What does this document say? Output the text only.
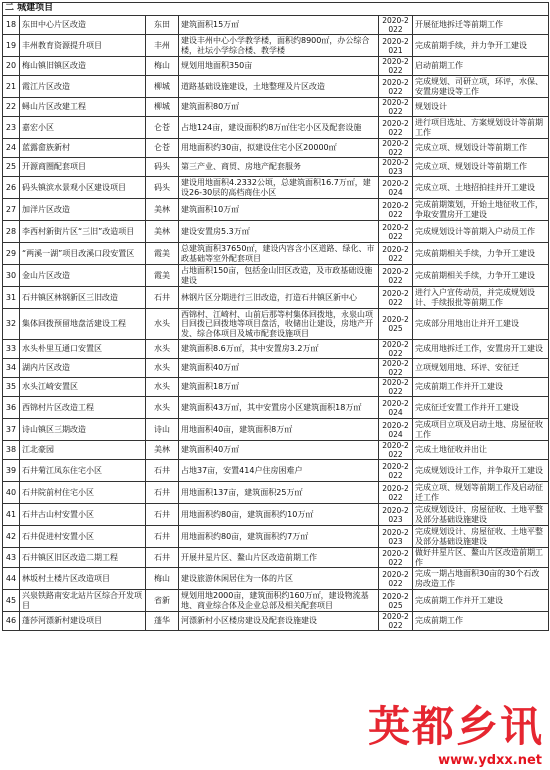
二 城建项目					
18	东田中心片区改造	东田	建筑面积15万㎡	2020-2022	开展征地拆迁等前期工作
19	丰州教育资源提升项目	丰州	建设丰州中心小学教学楼，面积约8900㎡，办公综合楼，社坛小学综合楼、教学楼	2020-2021	完成前期手续，并力争开工建设
20	梅山镇旧镇区改造	梅山	规划用地面积350亩	2020-2022	启动前期工作
21	霞江片区改造	柳城	道路基础设施建设，土地整理及片区改造	2020-2022	完成规划、司研立项，环评，水保、安置房建设等工作
22	蟳山片区改建工程	柳城	建筑面积80万㎡	2020-2022	规划设计
23	嘉宏小区	仑苍	占地124亩，建设面积约8万㎡住宅小区及配套设施	2020-2022	进行项目选址、方案规划设计等前期工作
24	蓝露畲族新村	仑苍	用地面积约30亩，拟建设住宅小区20000㎡	2020-2022	完成立项、规划设计等前期工作
25	开源商圈配套项目	码头	第三产业、商贸、房地产配套服务	2020-2023	完成立项、规划设计等前期工作
26	码头镇滨水景观小区建设项目	码头	建设用地面积4.2332公顷，总建筑面积16.7万㎡，建设26-30层的高档商住小区	2020-2024	完成立项、土地招拍挂并开工建设
27	加洋片区改造	美林	建筑面积10万㎡	2020-2022	完成前期策划，开始土地征收工作，争取安置房开工建设
28	李西村新街片区“三旧”改造项目	美林	建设安置房5.3万㎡	2020-2022	完成规划设计等前期入户动员工作
29	“两溪一湖”项目改溪口段安置区	霞美	总建筑面积37650㎡，建设内容含小区道路、绿化、市政基础等室外配套项目	2020-2022	完成前期相关手续，力争开工建设
30	金山片区改造	霞美	占地面积150亩，包括金山旧区改造，及市政基础设施建设	2020-2022	完成前期相关手续，力争开工建设
31	石井镇区林钢新区三旧改造	石井	林钢片区分期进行三旧改造，打造石井镇区新中心	2020-2022	进行入户宣传动员，并完成规划设计、手续报批等前期工作
32	集体回拨预留地盘活建设工程	水头	西锦村、江崎村、山前后那等村集体回拨地，永泉山项目回拨已回拨地等项目盘活，收储出让建设，房地产开发、综合体项目及城市配套设施项目	2020-2025	完成部分用地出让并开工建设
33	水头朴里互通口安置区	水头	建筑面积8.6万㎡，其中安置房3.2万㎡	2020-2022	完成用地拆迁工作，安置房开工建设
34	湖内片区改造	水头	建筑面积40万㎡	2020-2022	立项规划用地、环评、安征迁
35	水头江崎安置区	水头	建筑面积18万㎡	2020-2022	完成前期工作并开工建设
36	西锦村片区改造工程	水头	建筑面积43万㎡，其中安置房小区建筑面积18万㎡	2020-2024	完成征迁安置工作并开工建设
37	诗山镇区三期改造	诗山	用地面积40亩，建筑面积8万㎡	2020-2024	完成项目立项及启动土地、房屋征收工作
38	江北豪园	美林	建筑面积40万㎡	2020-2022	完成土地征收并出让
39	石井菊江凤东住宅小区	石井	占地37亩，安置414户住房困难户	2020-2022	完成规划设计工作，并争取开工建设
40	石井院前村住宅小区	石井	用地面积137亩，建筑面积25万㎡	2020-2022	完成立项、规划等前期工作及启动征迁工作
41	石井古山村安置小区	石井	用地面积约80亩，建筑面积约10万㎡	2020-2023	完成规划设计、房屋征收、土地平整及部分基础设施建设
42	石井促进村安置小区	石井	用地面积约80亩，建筑面积约7万㎡	2020-2023	完成规划设计、房屋征收、土地平整及部分基础设施建设
43	石井镇区旧区改造二期工程	石井	开展井星片区、鳌山片区改造前期工作	2020-2022	做好井星片区、鳌山片区改造前期工作
44	林坂村土楼片区改造项目	梅山	建设旅游休闲居住为一体的片区	2020-2022	完成一期占地面积30亩的30个石改房改造工作
45	兴泉铁路南安北站片区综合开发项目	省新	规划用地2000亩，建筑面积约160万㎡，建设物流基地、商业综合体及企业总部及相关配套项目	2020-2025	完成前期工作并开工建设
46	蓬莎河漂新村建设项目	蓬华	河漂新村小区楼房建设及配套设施建设	2020-2022	完成前期工作
英都乡讯
www.ydxx.net
